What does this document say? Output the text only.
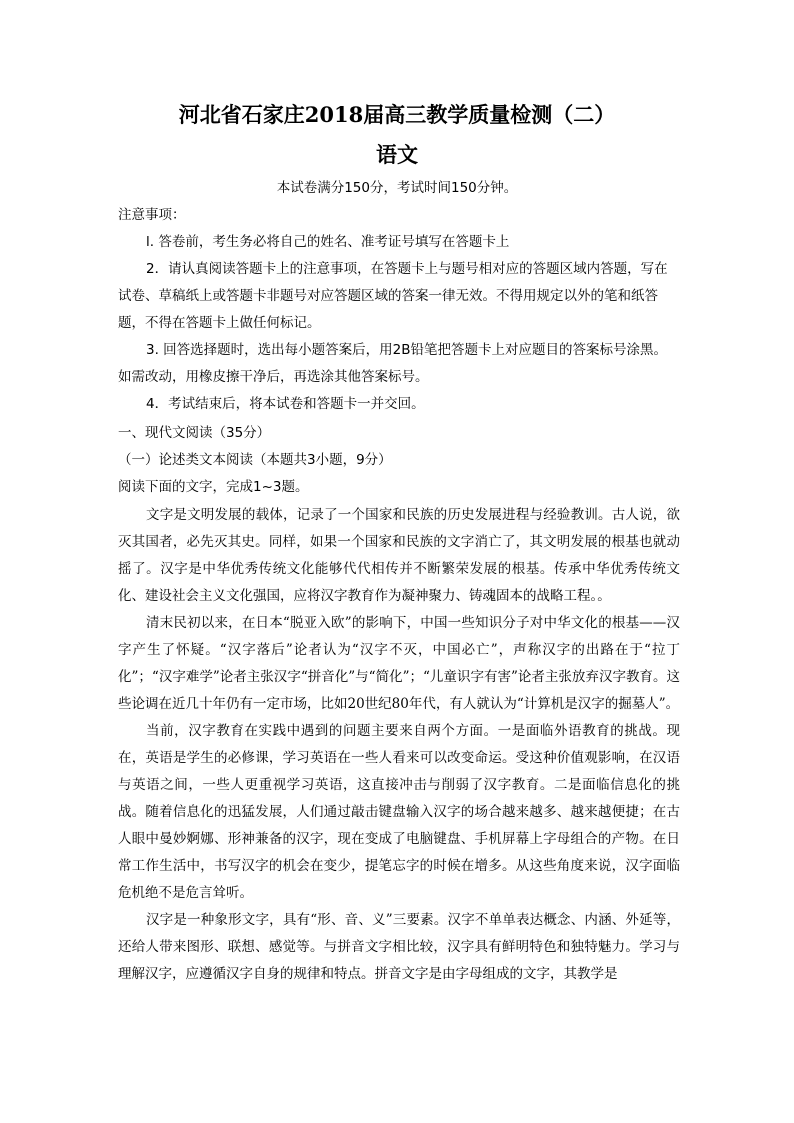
河北省石家庄2018届高三教学质量检测（二）
语文
本试卷满分150分，考试时间150分钟。

注意事项：

l. 答卷前，考生务必将自己的姓名、准考证号填写在答题卡上

2．请认真阅读答题卡上的注意事项，在答题卡上与题号相对应的答题区域内答题，写在试卷、草稿纸上或答题卡非题号对应答题区域的答案一律无效。不得用规定以外的笔和纸答题，不得在答题卡上做任何标记。

3. 回答选择题时，选出每小题答案后，用2B铅笔把答题卡上对应题目的答案标号涂黑。如需改动，用橡皮擦干净后，再选涂其他答案标号。

4．考试结束后，将本试卷和答题卡一并交回。

一、现代文阅读（35分）

（一）论述类文本阅读（本题共3小题，9分）

阅读下面的文字，完成1~3题。

文字是文明发展的载体，记录了一个国家和民族的历史发展进程与经验教训。古人说，欲灭其国者，必先灭其史。同样，如果一个国家和民族的文字消亡了，其文明发展的根基也就动摇了。汉字是中华优秀传统文化能够代代相传并不断繁荣发展的根基。传承中华优秀传统文化、建设社会主义文化强国，应将汉字教育作为凝神聚力、铸魂固本的战略工程。。

清末民初以来，在日本“脱亚入欧”的影响下，中国一些知识分子对中华文化的根基——汉字产生了怀疑。“汉字落后”论者认为“汉字不灭，中国必亡”，声称汉字的出路在于“拉丁化”；“汉字难学”论者主张汉字“拼音化”与“简化”；“儿童识字有害”论者主张放弃汉字教育。这些论调在近几十年仍有一定市场，比如20世纪80年代，有人就认为“计算机是汉字的掘墓人”。

当前，汉字教育在实践中遇到的问题主要来自两个方面。一是面临外语教育的挑战。现在，英语是学生的必修课，学习英语在一些人看来可以改变命运。受这种价值观影响，在汉语与英语之间，一些人更重视学习英语，这直接冲击与削弱了汉字教育。二是面临信息化的挑战。随着信息化的迅猛发展，人们通过敲击键盘输入汉字的场合越来越多、越来越便捷；在古人眼中曼妙婀娜、形神兼备的汉字，现在变成了电脑键盘、手机屏幕上字母组合的产物。在日常工作生活中，书写汉字的机会在变少，提笔忘字的时候在增多。从这些角度来说，汉字面临危机绝不是危言耸听。

汉字是一种象形文字，具有“形、音、义”三要素。汉字不单单表达概念、内涵、外延等，还给人带来图形、联想、感觉等。与拼音文字相比较，汉字具有鲜明特色和独特魅力。学习与理解汉字，应遵循汉字自身的规律和特点。拼音文字是由字母组成的文字，其教学是
